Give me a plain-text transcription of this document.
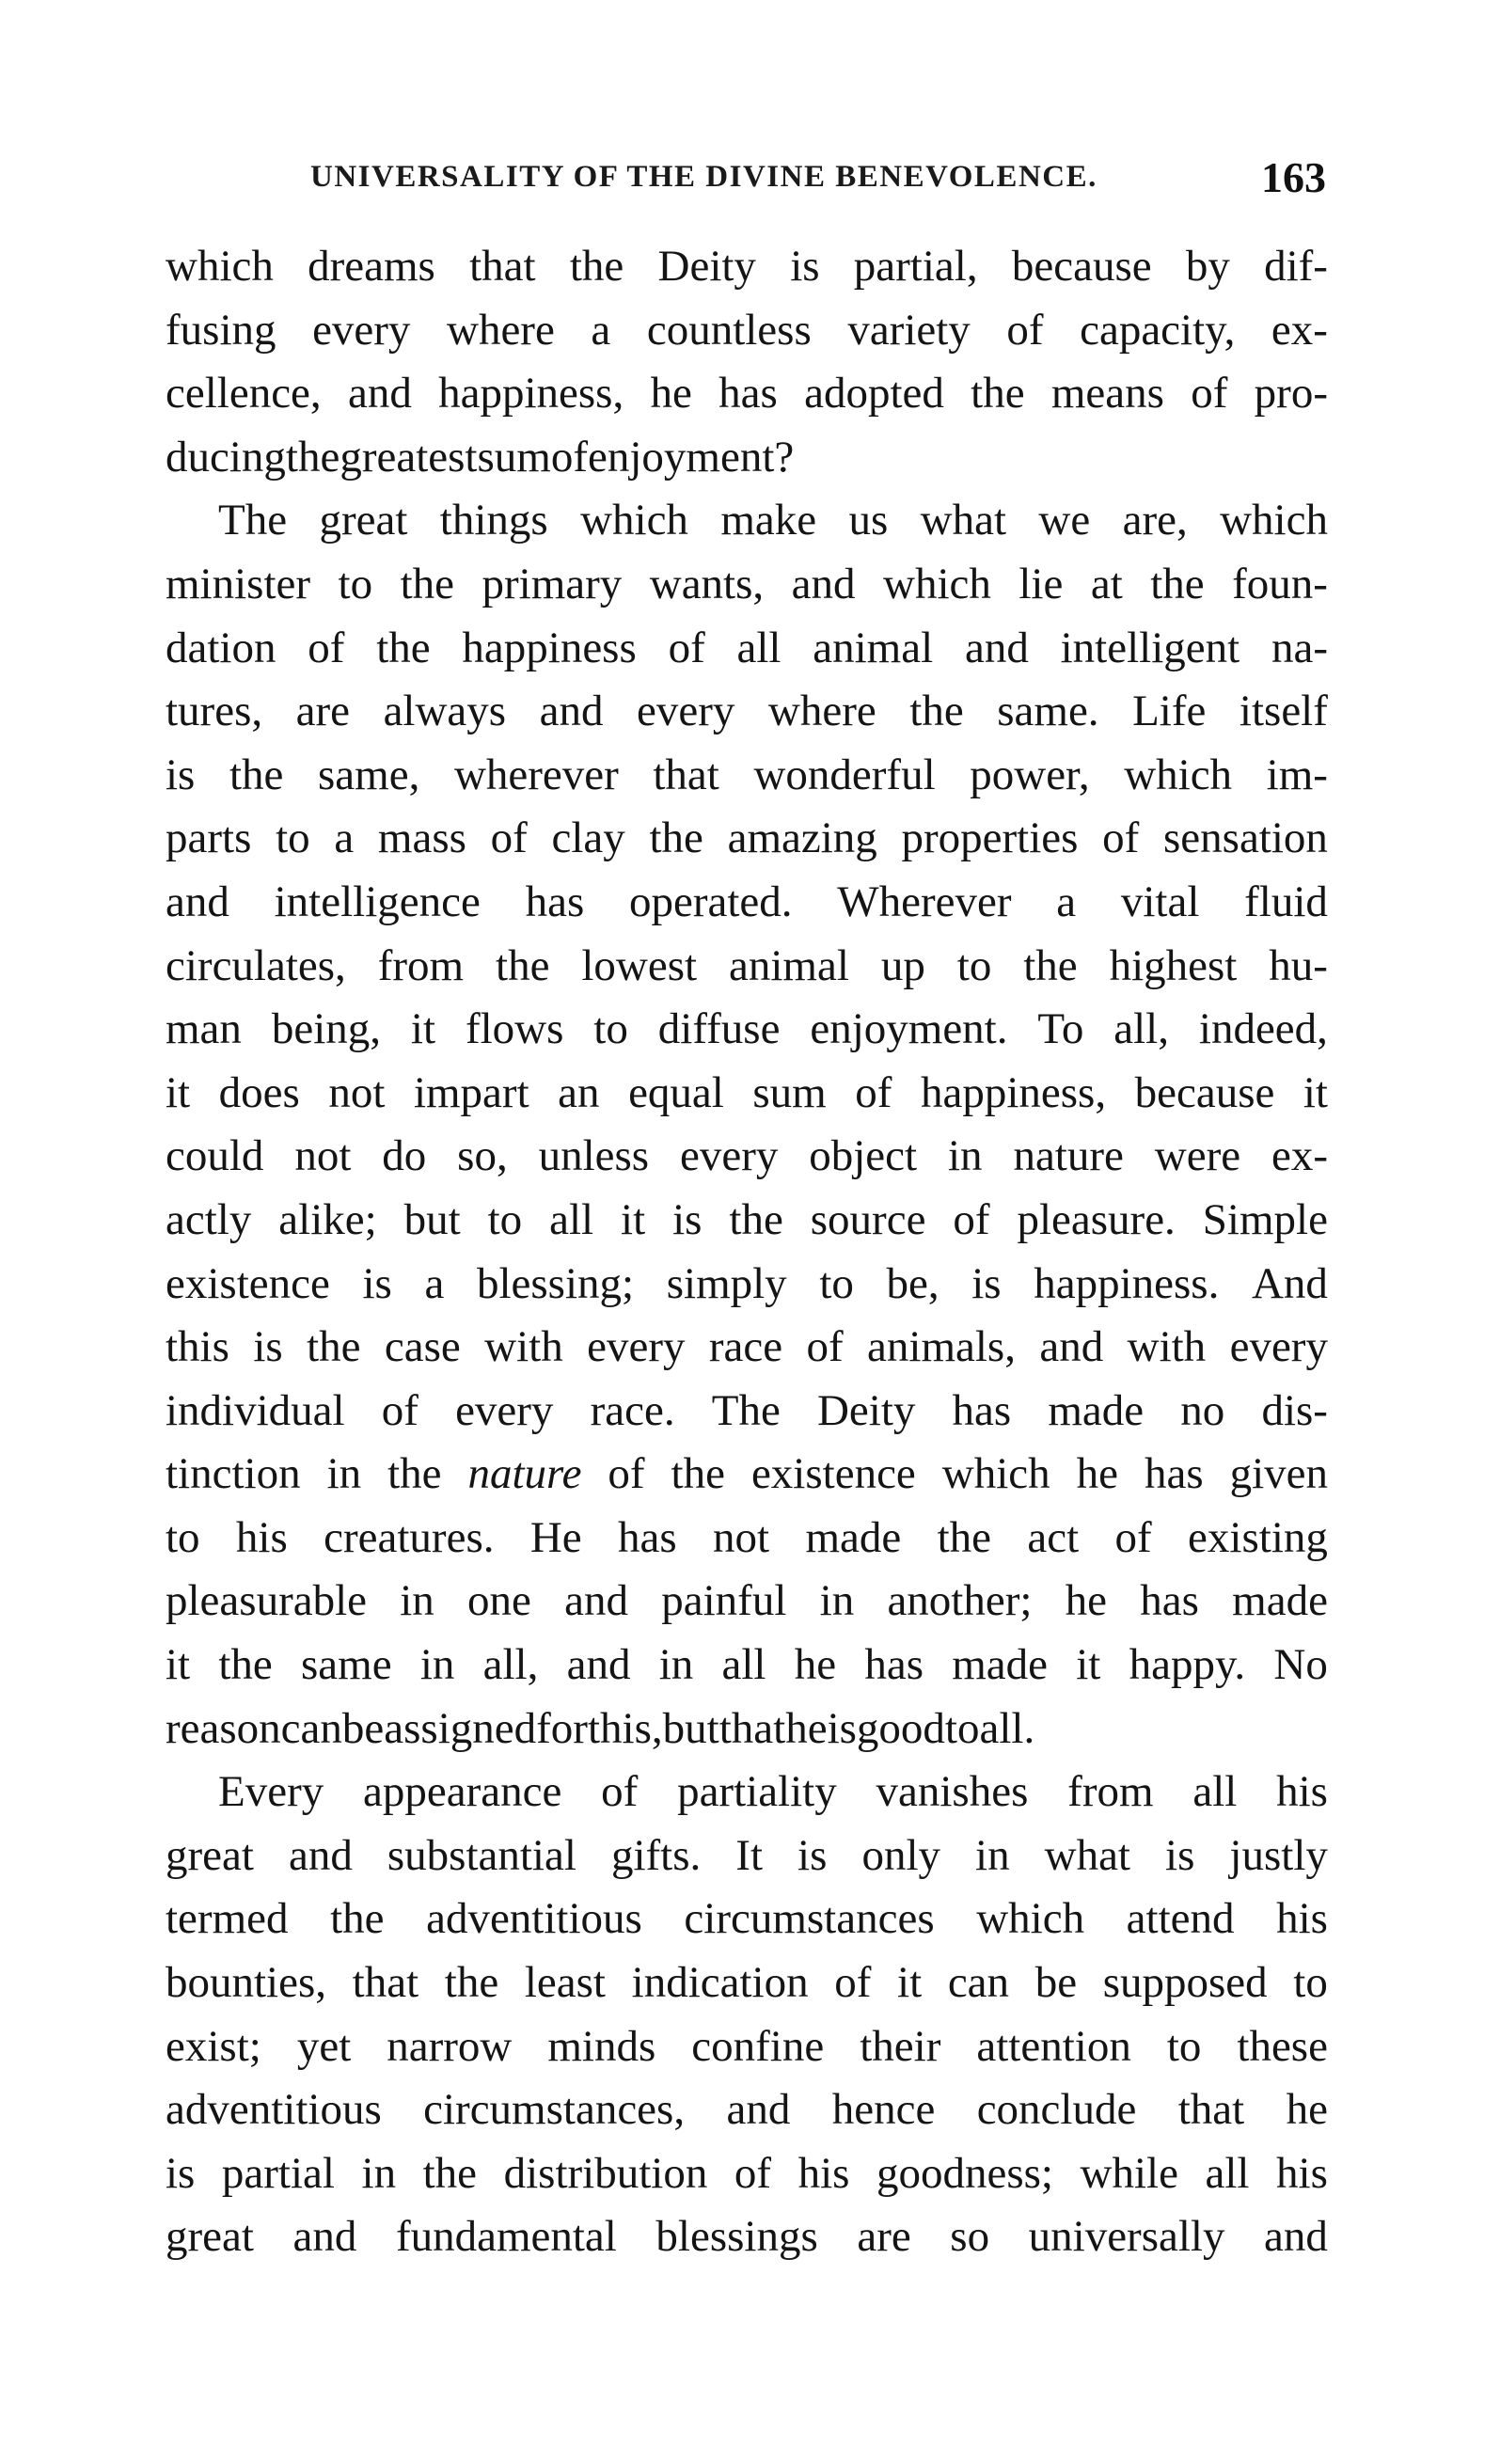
UNIVERSALITY OF THE DIVINE BENEVOLENCE.	163
which dreams that the Deity is partial, because by dif-
fusing every where a countless variety of capacity, ex-
cellence, and happiness, he has adopted the means of pro-
ducing the greatest sum of enjoyment?
The great things which make us what we are, which
minister to the primary wants, and which lie at the foun-
dation of the happiness of all animal and intelligent na-
tures, are always and every where the same. Life itself
is the same, wherever that wonderful power, which im-
parts to a mass of clay the amazing properties of sensation
and intelligence has operated. Wherever a vital fluid
circulates, from the lowest animal up to the highest hu-
man being, it flows to diffuse enjoyment. To all, indeed,
it does not impart an equal sum of happiness, because it
could not do so, unless every object in nature were ex-
actly alike; but to all it is the source of pleasure. Simple
existence is a blessing; simply to be, is happiness. And
this is the case with every race of animals, and with every
individual of every race. The Deity has made no dis-
tinction in the nature of the existence which he has given
to his creatures. He has not made the act of existing
pleasurable in one and painful in another; he has made
it the same in all, and in all he has made it happy. No
reason can be assigned for this, but that he is good to all.
Every appearance of partiality vanishes from all his
great and substantial gifts. It is only in what is justly
termed the adventitious circumstances which attend his
bounties, that the least indication of it can be supposed to
exist; yet narrow minds confine their attention to these
adventitious circumstances, and hence conclude that he
is partial in the distribution of his goodness; while all his
great and fundamental blessings are so universally and
